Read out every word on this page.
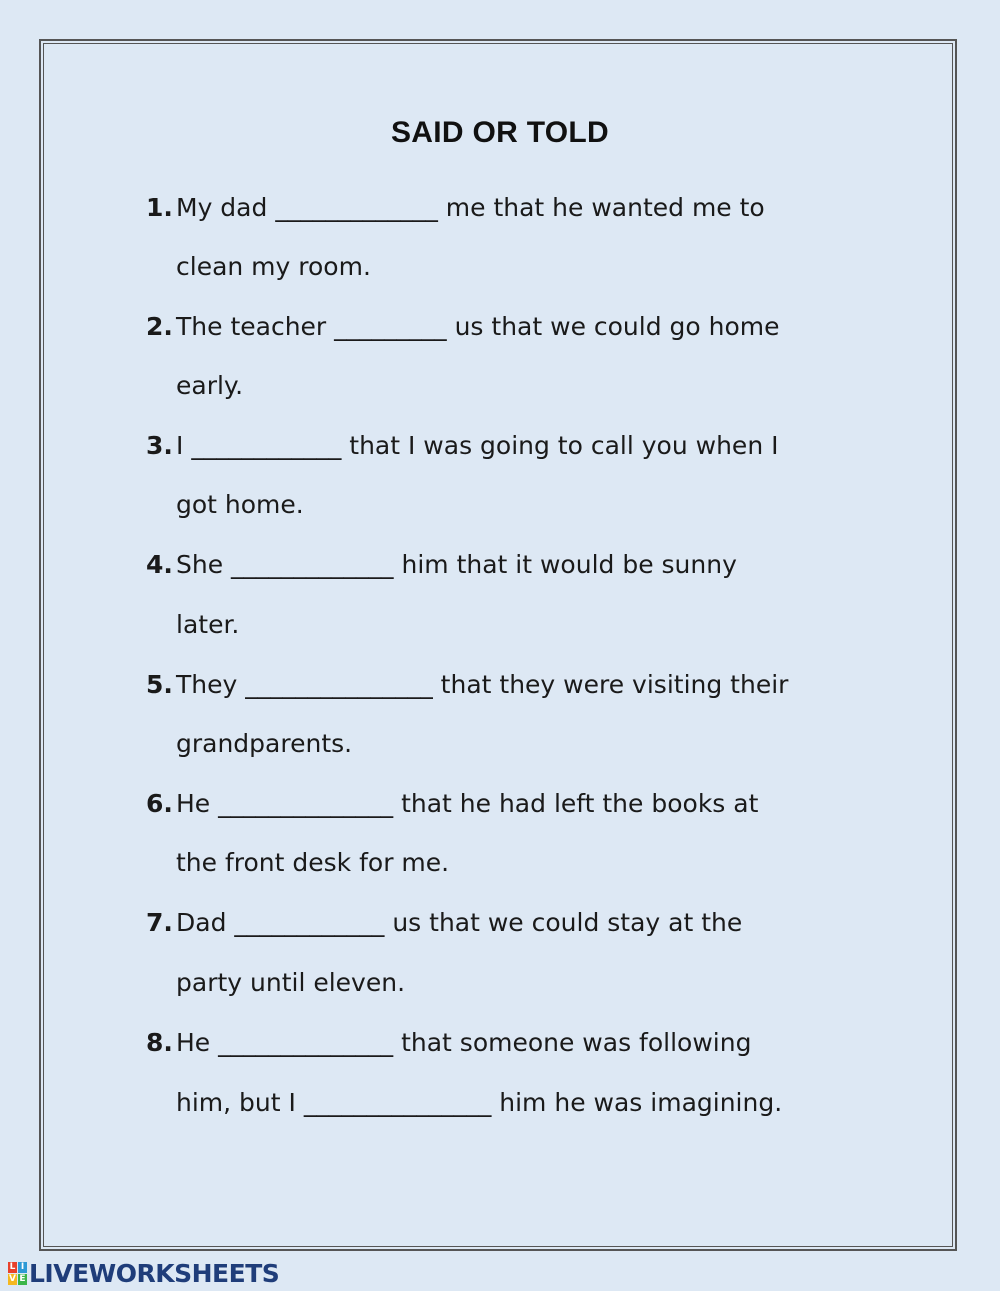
SAID OR TOLD
1. My dad _____________ me that he wanted me to
clean my room.
2. The teacher _________ us that we could go home
early.
3. I ____________ that I was going to call you when I
got home.
4. She _____________ him that it would be sunny
later.
5. They _______________ that they were visiting their
grandparents.
6. He ______________ that he had left the books at
the front desk for me.
7. Dad ____________ us that we could stay at the
party until eleven.
8. He ______________ that someone was following
him, but I _______________ him he was imagining.
L I
V E LIVEWORKSHEETS
